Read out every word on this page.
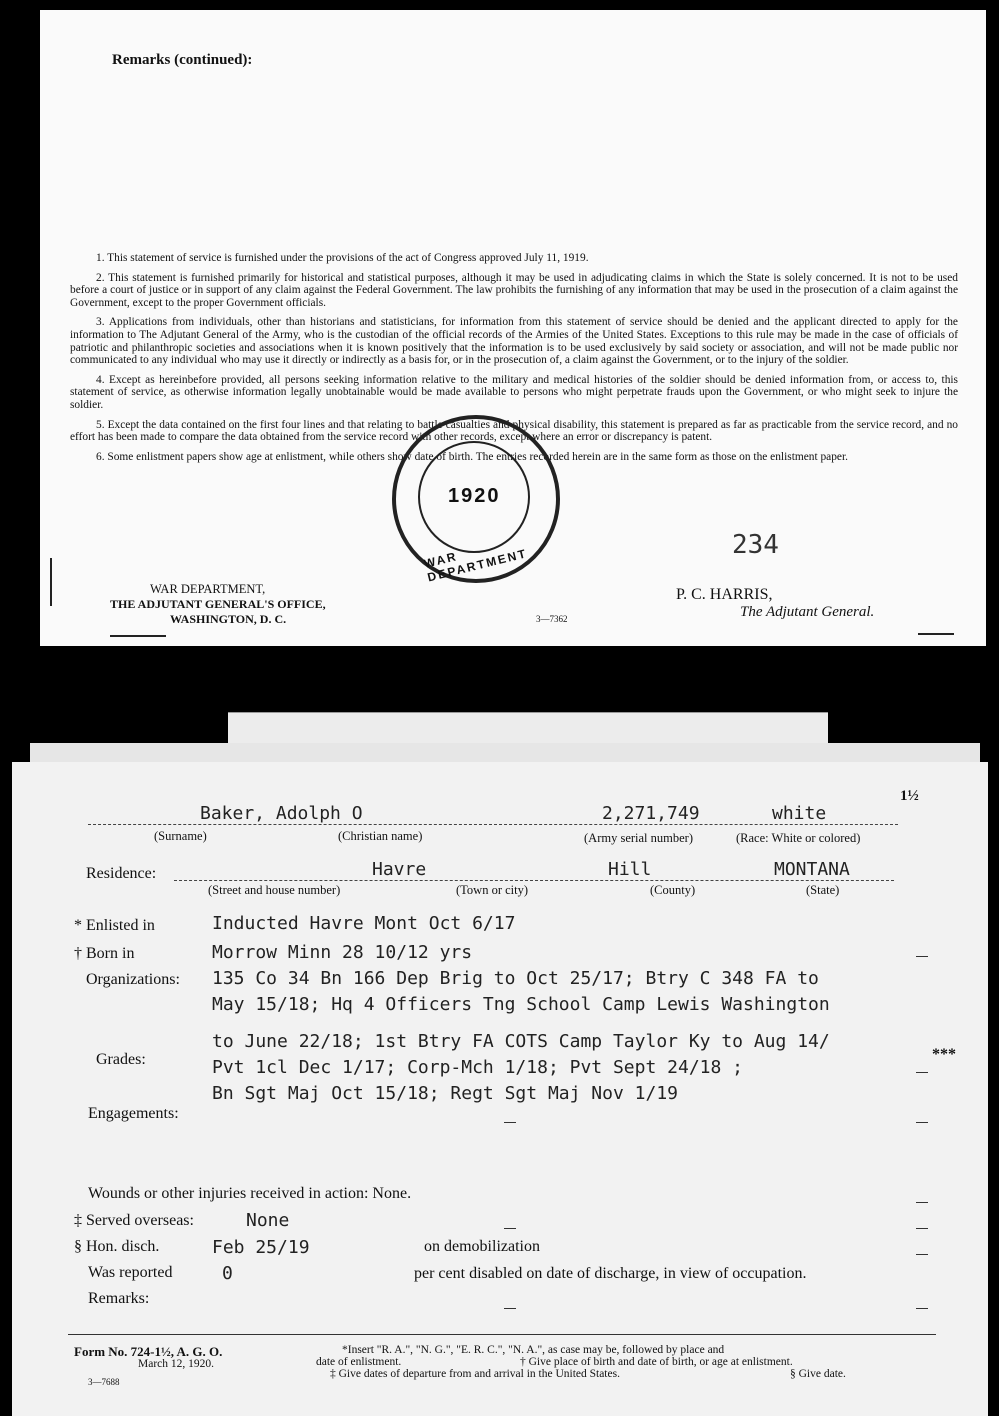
Remarks (continued):

1. This statement of service is furnished under the provisions of the act of Congress approved July 11, 1919.

2. This statement is furnished primarily for historical and statistical purposes, although it may be used in adjudicating claims in which the State is solely concerned. It is not to be used before a court of justice or in support of any claim against the Federal Government. The law prohibits the furnishing of any information that may be used in the prosecution of a claim against the Government, except to the proper Government officials.

3. Applications from individuals, other than historians and statisticians, for information from this statement of service should be denied and the applicant directed to apply for the information to The Adjutant General of the Army, who is the custodian of the official records of the Armies of the United States. Exceptions to this rule may be made in the case of officials of patriotic and philanthropic societies and associations when it is known positively that the information is to be used exclusively by said society or association, and will not be made public nor communicated to any individual who may use it directly or indirectly as a basis for, or in the prosecution of, a claim against the Government, or to the injury of the soldier.

4. Except as hereinbefore provided, all persons seeking information relative to the military and medical histories of the soldier should be denied information from, or access to, this statement of service, as otherwise information legally unobtainable would be made available to persons who might perpetrate frauds upon the Government, or who might seek to injure the soldier.

5. Except the data contained on the first four lines and that relating to battle casualties and physical disability, this statement is prepared as far as practicable from the service record, and no effort has been made to compare the data obtained from the service record with other records, except where an error or discrepancy is patent.

6. Some enlistment papers show age at enlistment, while others show date of birth. The entries recorded herein are in the same form as those on the enlistment paper.

WAR DEPARTMENT
1920
234
WAR DEPARTMENT,
THE ADJUTANT GENERAL'S OFFICE,
WASHINGTON, D. C.	3—7362
P. C. HARRIS,
The Adjutant General.
1½
Baker, Adolph O	2,271,749	white
(Surname)	(Christian name)	(Army serial number)	(Race: White or colored)
Residence:	Havre	Hill	MONTANA
(Street and house number)	(Town or city)	(County)	(State)
* Enlisted in	Inducted Havre Mont Oct 6/17
† Born in	Morrow Minn 28 10/12 yrs
Organizations: 135 Co 34 Bn 166 Dep Brig to Oct 25/17; Btry C 348 FA to
May 15/18; Hq 4 Officers Tng School Camp Lewis Washington
to June 22/18; 1st Btry FA COTS Camp Taylor Ky to Aug 14/
Grades:	Pvt 1cl Dec 1/17; Corp-Mch 1/18; Pvt Sept 24/18 ;
Bn Sgt Maj Oct 15/18; Regt Sgt Maj Nov 1/19
***
Engagements:
Wounds or other injuries received in action: None.
‡ Served overseas:	None
§ Hon. disch.	Feb 25/19	on demobilization
Was reported	0	per cent disabled on date of discharge, in view of occupation.
Remarks:
Form No. 724-1½, A. G. O.
March 12, 1920.
3—7688
*Insert "R. A.", "N. G.", "E. R. C.", "N. A.", as case may be, followed by place and
date of enlistment.	† Give place of birth and date of birth, or age at enlistment.
‡ Give dates of departure from and arrival in the United States.	§ Give date.
